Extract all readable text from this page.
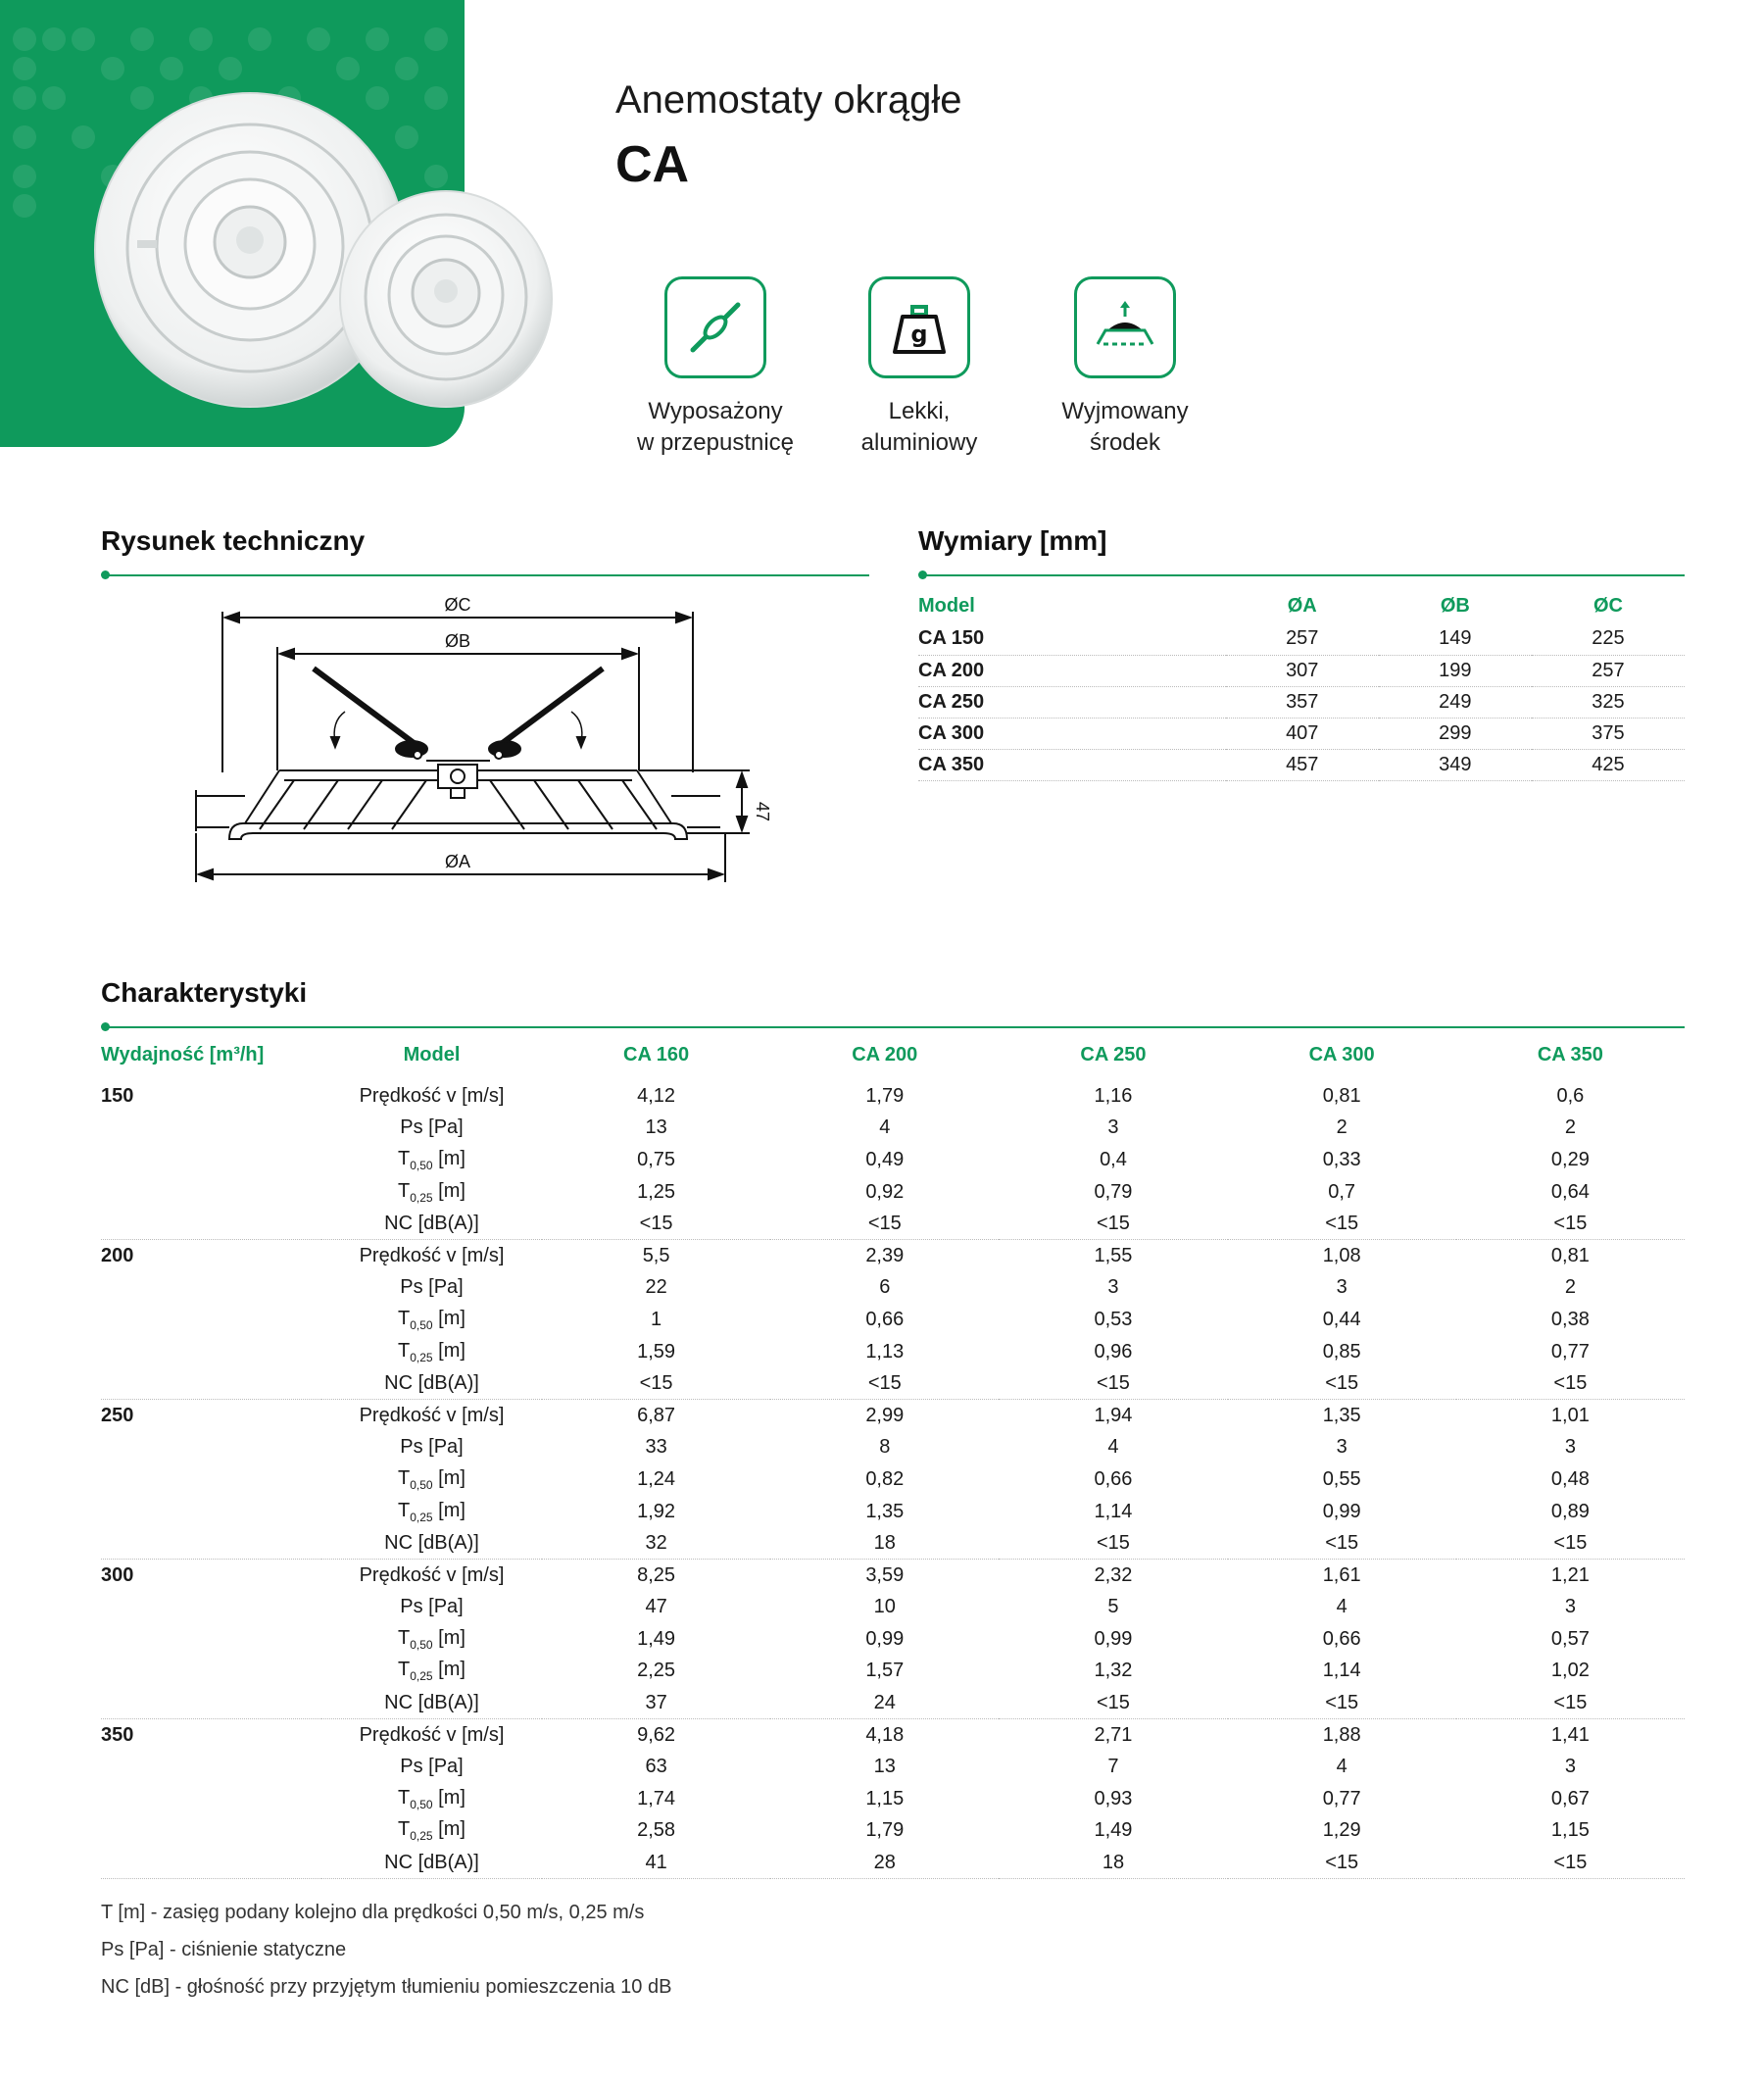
Anemostaty okrągłe
CA
Wyposażony
w przepustnicę
g
Lekki,
aluminiowy
Wyjmowany
środek
Rysunek techniczny
ØC
ØB
ØA
47
Wymiary [mm]
Model	ØA	ØB	ØC
CA 150	257	149	225
CA 200	307	199	257
CA 250	357	249	325
CA 300	407	299	375
CA 350	457	349	425
Charakterystyki
Wydajność [m³/h]	Model	CA 160	CA 200	CA 250	CA 300	CA 350

150	Prędkość v [m/s]	4,12	1,79	1,16	0,81	0,6
	Ps [Pa]	13	4	3	2	2
	$T_{0,50}$ [m]	0,75	0,49	0,4	0,33	0,29
	$T_{0,25}$ [m]	1,25	0,92	0,79	0,7	0,64
	NC [dB(A)]	<15	<15	<15	<15	<15
200	Prędkość v [m/s]	5,5	2,39	1,55	1,08	0,81
	Ps [Pa]	22	6	3	3	2
	$T_{0,50}$ [m]	1	0,66	0,53	0,44	0,38
	$T_{0,25}$ [m]	1,59	1,13	0,96	0,85	0,77
	NC [dB(A)]	<15	<15	<15	<15	<15
250	Prędkość v [m/s]	6,87	2,99	1,94	1,35	1,01
	Ps [Pa]	33	8	4	3	3
	$T_{0,50}$ [m]	1,24	0,82	0,66	0,55	0,48
	$T_{0,25}$ [m]	1,92	1,35	1,14	0,99	0,89
	NC [dB(A)]	32	18	<15	<15	<15
300	Prędkość v [m/s]	8,25	3,59	2,32	1,61	1,21
	Ps [Pa]	47	10	5	4	3
	$T_{0,50}$ [m]	1,49	0,99	0,99	0,66	0,57
	$T_{0,25}$ [m]	2,25	1,57	1,32	1,14	1,02
	NC [dB(A)]	37	24	<15	<15	<15
350	Prędkość v [m/s]	9,62	4,18	2,71	1,88	1,41
	Ps [Pa]	63	13	7	4	3
	$T_{0,50}$ [m]	1,74	1,15	0,93	0,77	0,67
	$T_{0,25}$ [m]	2,58	1,79	1,49	1,29	1,15
	NC [dB(A)]	41	28	18	<15	<15
T [m] - zasięg podany kolejno dla prędkości 0,50 m/s, 0,25 m/s
Ps [Pa] - ciśnienie statyczne
NC [dB] - głośność przy przyjętym tłumieniu pomieszczenia 10 dB
